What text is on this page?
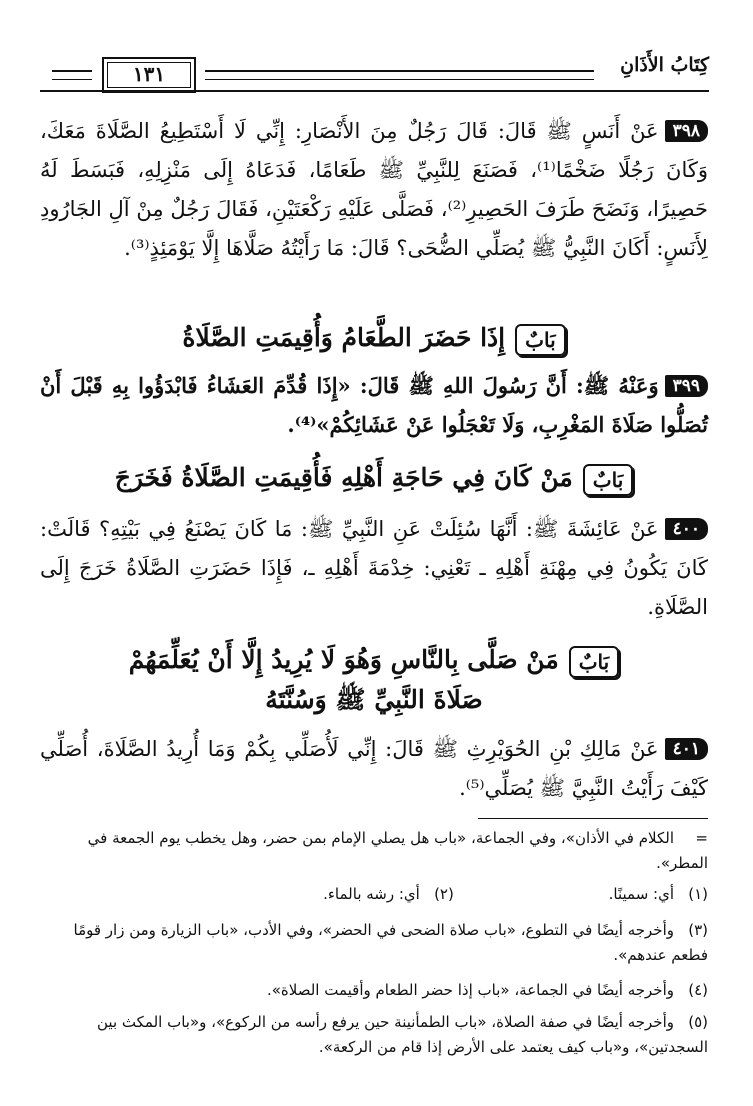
كِتَابُ الأَذَانِ
١٣١
٣٩٨عَنْ أَنَسٍ ﷺ قَالَ: قَالَ رَجُلٌ مِنَ الأَنْصَارِ: إِنِّي لَا أَسْتَطِيعُ الصَّلَاةَ مَعَكَ، وَكَانَ رَجُلًا ضَخْمًا⁽¹⁾، فَصَنَعَ لِلنَّبِيِّ ﷺ طَعَامًا، فَدَعَاهُ إِلَى مَنْزِلِهِ، فَبَسَطَ لَهُ حَصِيرًا، وَنَضَحَ طَرَفَ الحَصِيرِ⁽²⁾، فَصَلَّى عَلَيْهِ رَكْعَتَيْنِ، فَقَالَ رَجُلٌ مِنْ آلِ الجَارُودِ لِأَنَسٍ: أَكَانَ النَّبِيُّ ﷺ يُصَلِّي الضُّحَى؟ قَالَ: مَا رَأَيْتُهُ صَلَّاهَا إِلَّا يَوْمَئِذٍ⁽³⁾.
بَابٌإِذَا حَضَرَ الطَّعَامُ وَأُقِيمَتِ الصَّلَاةُ
٣٩٩وَعَنْهُ ﷺ: أَنَّ رَسُولَ اللهِ ﷺ قَالَ: «إِذَا قُدِّمَ العَشَاءُ فَابْدَؤُوا بِهِ قَبْلَ أَنْ تُصَلُّوا صَلَاةَ المَغْرِبِ، وَلَا تَعْجَلُوا عَنْ عَشَائِكُمْ»⁽⁴⁾.
بَابٌمَنْ كَانَ فِي حَاجَةِ أَهْلِهِ فَأُقِيمَتِ الصَّلَاةُ فَخَرَجَ
٤٠٠عَنْ عَائِشَةَ ﷺ: أَنَّهَا سُئِلَتْ عَنِ النَّبِيِّ ﷺ: مَا كَانَ يَصْنَعُ فِي بَيْتِهِ؟ قَالَتْ: كَانَ يَكُونُ فِي مِهْنَةِ أَهْلِهِ ـ تَعْنِي: خِدْمَةَ أَهْلِهِ ـ، فَإِذَا حَضَرَتِ الصَّلَاةُ خَرَجَ إِلَى الصَّلَاةِ.
بَابٌمَنْ صَلَّى بِالنَّاسِ وَهُوَ لَا يُرِيدُ إِلَّا أَنْ يُعَلِّمَهُمْ
صَلَاةَ النَّبِيِّ ﷺ وَسُنَّتَهُ
٤٠١عَنْ مَالِكِ بْنِ الحُوَيْرِثِ ﷺ قَالَ: إِنِّي لَأُصَلِّي بِكُمْ وَمَا أُرِيدُ الصَّلَاةَ، أُصَلِّي كَيْفَ رَأَيْتُ النَّبِيَّ ﷺ يُصَلِّي⁽⁵⁾.
=الكلام في الأذان»، وفي الجماعة، «باب هل يصلي الإمام بمن حضر، وهل يخطب يوم الجمعة في المطر».
(١)أي: سمينًا. (٢)أي: رشه بالماء.
(٣)وأخرجه أيضًا في التطوع، «باب صلاة الضحى في الحضر»، وفي الأدب، «باب الزيارة ومن زار قومًا فطعم عندهم».
(٤)وأخرجه أيضًا في الجماعة، «باب إذا حضر الطعام وأقيمت الصلاة».
(٥)وأخرجه أيضًا في صفة الصلاة، «باب الطمأنينة حين يرفع رأسه من الركوع»، و«باب المكث بين السجدتين»، و«باب كيف يعتمد على الأرض إذا قام من الركعة».
